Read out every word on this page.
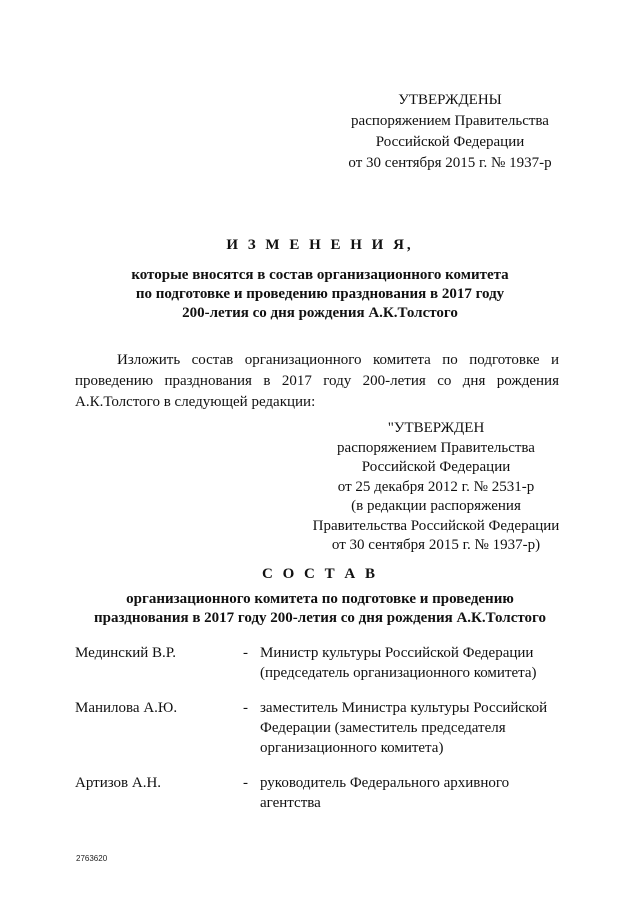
УТВЕРЖДЕНЫ
распоряжением Правительства
Российской Федерации
от 30 сентября 2015 г. № 1937-р
И З М Е Н Е Н И Я,
которые вносятся в состав организационного комитета
по подготовке и проведению празднования в 2017 году
200-летия со дня рождения А.К.Толстого
Изложить состав организационного комитета по подготовке и
проведению празднования в 2017 году 200-летия со дня рождения
А.К.Толстого в следующей редакции:
"УТВЕРЖДЕН
распоряжением Правительства
Российской Федерации
от 25 декабря 2012 г. № 2531-р
(в редакции распоряжения
Правительства Российской Федерации
от 30 сентября 2015 г. № 1937-р)
С О С Т А В
организационного комитета по подготовке и проведению
празднования в 2017 году 200-летия со дня рождения А.К.Толстого
Мединский В.Р.	- Министр культуры Российской Федерации
(председатель организационного комитета)
Манилова А.Ю.	- заместитель Министра культуры Российской
Федерации (заместитель председателя
организационного комитета)
Артизов А.Н.	- руководитель Федерального архивного
агентства
2763620
